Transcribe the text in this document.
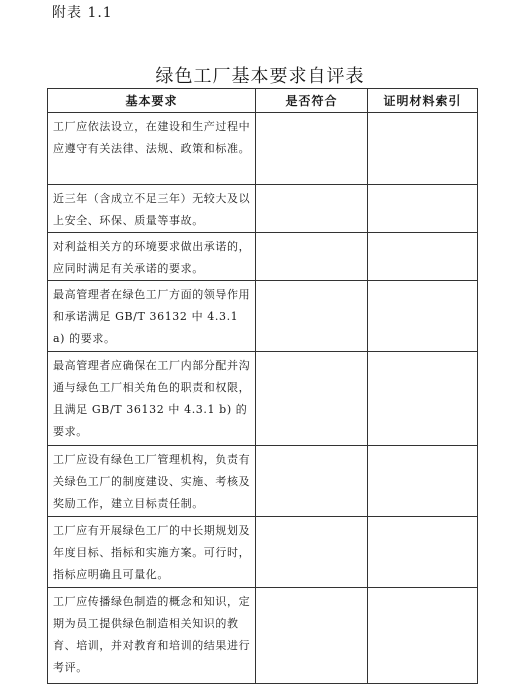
附表 1.1
绿色工厂基本要求自评表
基本要求	是否符合	证明材料索引
工厂应依法设立，在建设和生产过程中应遵守有关法律、法规、政策和标准。		
近三年（含成立不足三年）无较大及以上安全、环保、质量等事故。		
对利益相关方的环境要求做出承诺的，应同时满足有关承诺的要求。		
最高管理者在绿色工厂方面的领导作用和承诺满足 GB/T 36132 中 4.3.1 a) 的要求。		
最高管理者应确保在工厂内部分配并沟通与绿色工厂相关角色的职责和权限，且满足 GB/T 36132 中 4.3.1 b) 的要求。		
工厂应设有绿色工厂管理机构，负责有关绿色工厂的制度建设、实施、考核及奖励工作，建立目标责任制。		
工厂应有开展绿色工厂的中长期规划及年度目标、指标和实施方案。可行时，指标应明确且可量化。		
工厂应传播绿色制造的概念和知识，定期为员工提供绿色制造相关知识的教育、培训，并对教育和培训的结果进行考评。		
